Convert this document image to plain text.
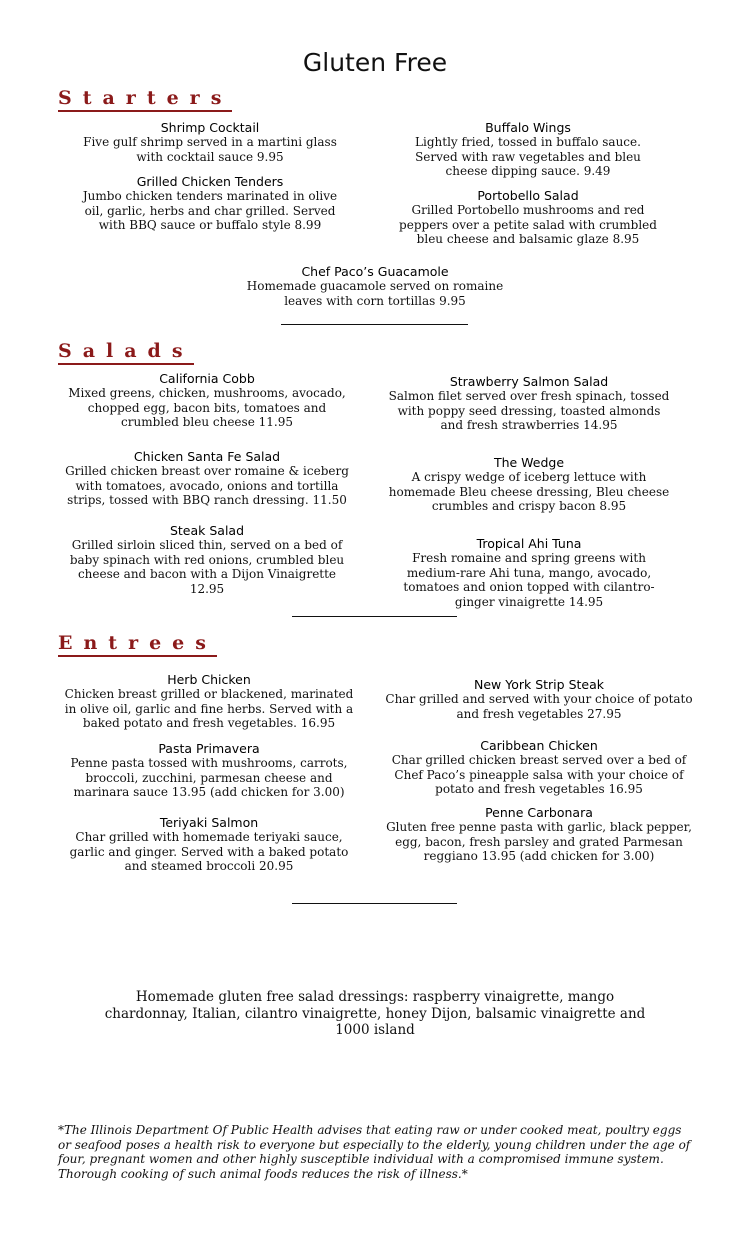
Gluten Free
Starters
Shrimp Cocktail
Five gulf shrimp served in a martini glass with cocktail sauce 9.95
Grilled Chicken Tenders
Jumbo chicken tenders marinated in olive oil, garlic, herbs and char grilled. Served with BBQ sauce or buffalo style 8.99
Buffalo Wings
Lightly fried, tossed in buffalo sauce. Served with raw vegetables and bleu cheese dipping sauce. 9.49
Portobello Salad
Grilled Portobello mushrooms and red peppers over a petite salad with crumbled bleu cheese and balsamic glaze 8.95
Chef Paco’s Guacamole
Homemade guacamole served on romaine leaves with corn tortillas 9.95
Salads
California Cobb
Mixed greens, chicken, mushrooms, avocado, chopped egg, bacon bits, tomatoes and crumbled bleu cheese 11.95
Chicken Santa Fe Salad
Grilled chicken breast over romaine & iceberg with tomatoes, avocado, onions and tortilla strips, tossed with BBQ ranch dressing. 11.50
Steak Salad
Grilled sirloin sliced thin, served on a bed of baby spinach with red onions, crumbled bleu cheese and bacon with a Dijon Vinaigrette 12.95
Strawberry Salmon Salad
Salmon filet served over fresh spinach, tossed with poppy seed dressing, toasted almonds and fresh strawberries 14.95
The Wedge
A crispy wedge of iceberg lettuce with homemade Bleu cheese dressing, Bleu cheese crumbles and crispy bacon 8.95
Tropical Ahi Tuna
Fresh romaine and spring greens with medium-rare Ahi tuna, mango, avocado, tomatoes and onion topped with cilantro-ginger vinaigrette 14.95
Entrees
Herb Chicken
Chicken breast grilled or blackened, marinated in olive oil, garlic and fine herbs. Served with a baked potato and fresh vegetables. 16.95
Pasta Primavera
Penne pasta tossed with mushrooms, carrots, broccoli, zucchini, parmesan cheese and marinara sauce 13.95 (add chicken for 3.00)
Teriyaki Salmon
Char grilled with homemade teriyaki sauce, garlic and ginger. Served with a baked potato and steamed broccoli 20.95
New York Strip Steak
Char grilled and served with your choice of potato and fresh vegetables 27.95
Caribbean Chicken
Char grilled chicken breast served over a bed of Chef Paco’s pineapple salsa with your choice of potato and fresh vegetables 16.95
Penne Carbonara
Gluten free penne pasta with garlic, black pepper, egg, bacon, fresh parsley and grated Parmesan reggiano 13.95 (add chicken for 3.00)
Homemade gluten free salad dressings: raspberry vinaigrette, mango chardonnay, Italian, cilantro vinaigrette, honey Dijon, balsamic vinaigrette and 1000 island
*The Illinois Department Of Public Health advises that eating raw or under cooked meat, poultry eggs or seafood poses a health risk to everyone but especially to the elderly, young children under the age of four, pregnant women and other highly susceptible individual with a compromised immune system. Thorough cooking of such animal foods reduces the risk of illness.*
